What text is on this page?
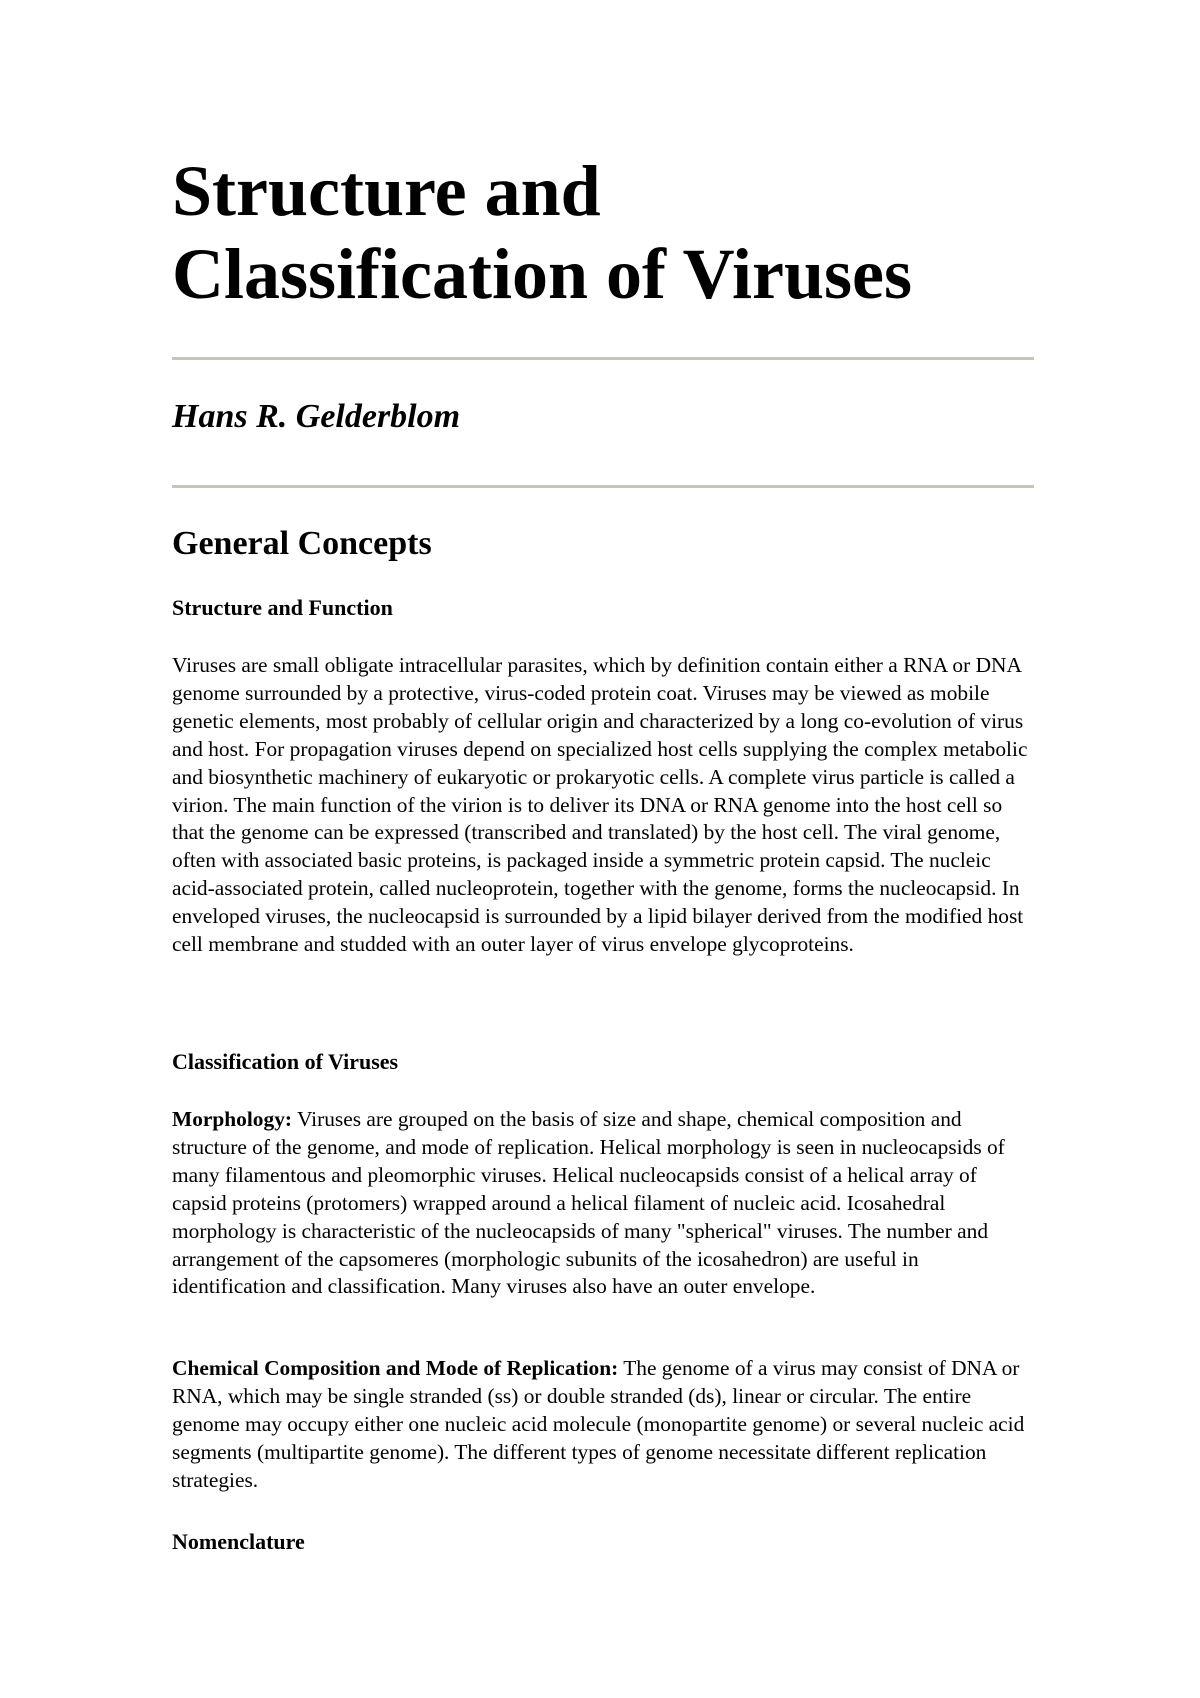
Structure and
Classification of Viruses
Hans R. Gelderblom
General Concepts
Structure and Function

Viruses are small obligate intracellular parasites, which by definition contain either a RNA or DNA genome surrounded by a protective, virus-coded protein coat. Viruses may be viewed as mobile genetic elements, most probably of cellular origin and characterized by a long co-evolution of virus and host. For propagation viruses depend on specialized host cells supplying the complex metabolic and biosynthetic machinery of eukaryotic or prokaryotic cells. A complete virus particle is called a virion. The main function of the virion is to deliver its DNA or RNA genome into the host cell so that the genome can be expressed (transcribed and translated) by the host cell. The viral genome, often with associated basic proteins, is packaged inside a symmetric protein capsid. The nucleic acid-associated protein, called nucleoprotein, together with the genome, forms the nucleocapsid. In enveloped viruses, the nucleocapsid is surrounded by a lipid bilayer derived from the modified host cell membrane and studded with an outer layer of virus envelope glycoproteins.

Classification of Viruses

Morphology: Viruses are grouped on the basis of size and shape, chemical composition and structure of the genome, and mode of replication. Helical morphology is seen in nucleocapsids of many filamentous and pleomorphic viruses. Helical nucleocapsids consist of a helical array of capsid proteins (protomers) wrapped around a helical filament of nucleic acid. Icosahedral morphology is characteristic of the nucleocapsids of many "spherical" viruses. The number and arrangement of the capsomeres (morphologic subunits of the icosahedron) are useful in identification and classification. Many viruses also have an outer envelope.

Chemical Composition and Mode of Replication: The genome of a virus may consist of DNA or RNA, which may be single stranded (ss) or double stranded (ds), linear or circular. The entire genome may occupy either one nucleic acid molecule (monopartite genome) or several nucleic acid segments (multipartite genome). The different types of genome necessitate different replication strategies.

Nomenclature
